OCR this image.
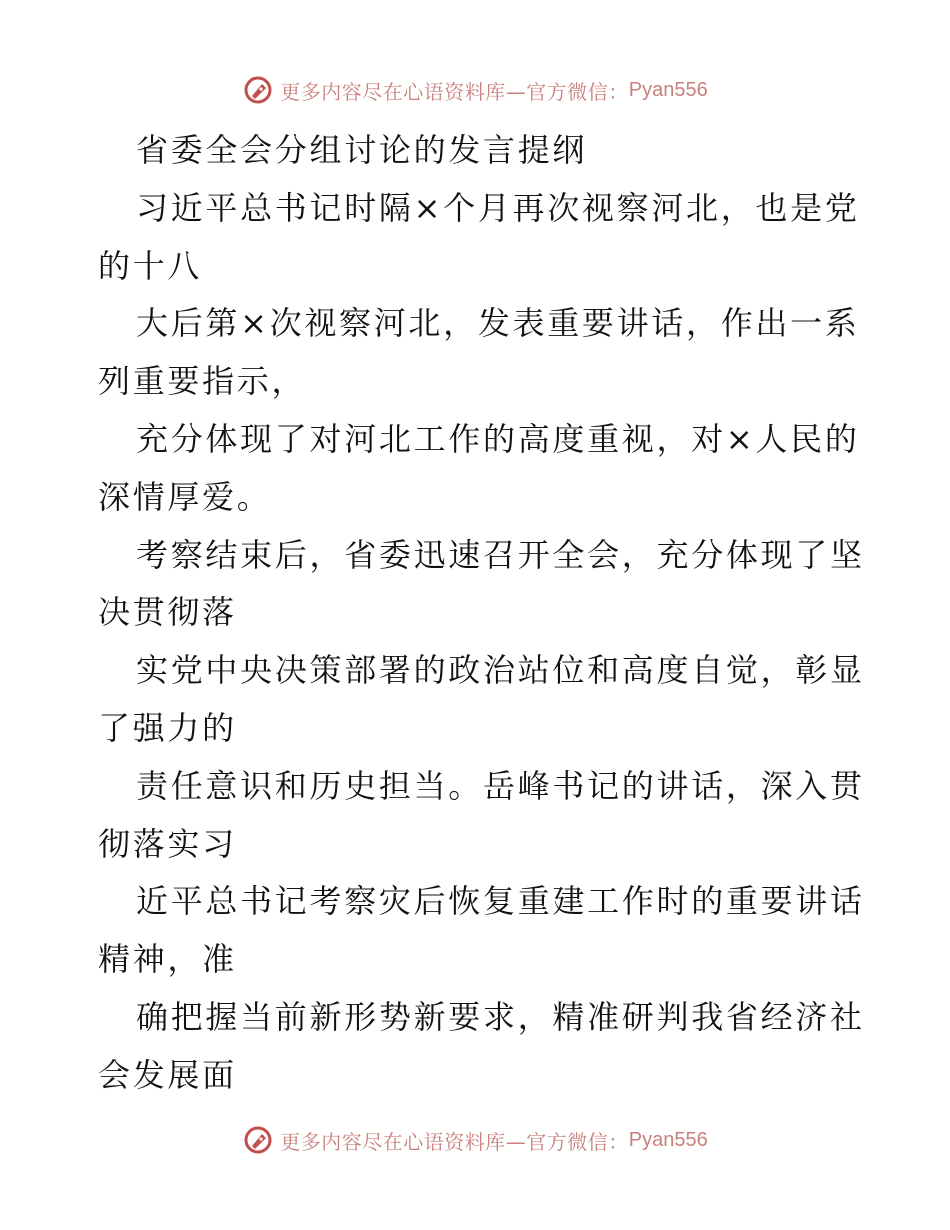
更多内容尽在心语资料库—官方微信： Pyan556
省委全会分组讨论的发言提纲
习近平总书记时隔×个月再次视察河北，也是党
的十八
大后第×次视察河北，发表重要讲话，作出一系
列重要指示，
充分体现了对河北工作的高度重视，对×人民的
深情厚爱。
考察结束后，省委迅速召开全会，充分体现了坚
决贯彻落
实党中央决策部署的政治站位和高度自觉，彰显
了强力的
责任意识和历史担当。岳峰书记的讲话，深入贯
彻落实习
近平总书记考察灾后恢复重建工作时的重要讲话
精神，准
确把握当前新形势新要求，精准研判我省经济社
会发展面
更多内容尽在心语资料库—官方微信： Pyan556
